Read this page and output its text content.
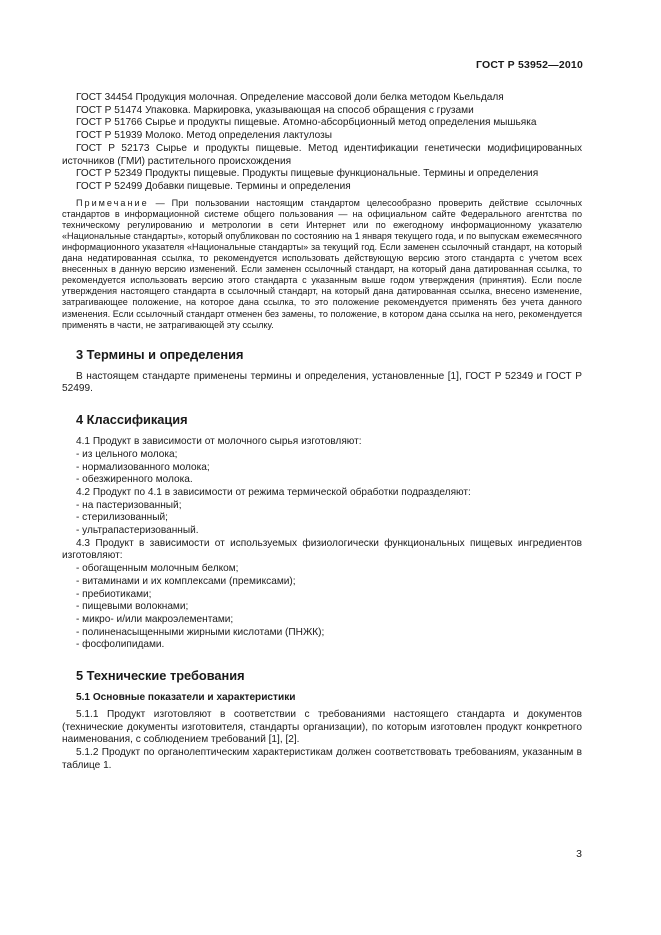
ГОСТ Р 53952—2010

ГОСТ 34454 Продукция молочная. Определение массовой доли белка методом Кьельдаля

ГОСТ Р 51474 Упаковка. Маркировка, указывающая на способ обращения с грузами

ГОСТ Р 51766 Сырье и продукты пищевые. Атомно-абсорбционный метод определения мышьяка

ГОСТ Р 51939 Молоко. Метод определения лактулозы

ГОСТ Р 52173 Сырье и продукты пищевые. Метод идентификации генетически модифицированных источников (ГМИ) растительного происхождения

ГОСТ Р 52349 Продукты пищевые. Продукты пищевые функциональные. Термины и определения

ГОСТ Р 52499 Добавки пищевые. Термины и определения

Примечание — При пользовании настоящим стандартом целесообразно проверить действие ссылочных стандартов в информационной системе общего пользования — на официальном сайте Федерального агентства по техническому регулированию и метрологии в сети Интернет или по ежегодному информационному указателю «Национальные стандарты», который опубликован по состоянию на 1 января текущего года, и по выпускам ежемесячного информационного указателя «Национальные стандарты» за текущий год. Если заменен ссылочный стандарт, на который дана недатированная ссылка, то рекомендуется использовать действующую версию этого стандарта с учетом всех внесенных в данную версию изменений. Если заменен ссылочный стандарт, на который дана датированная ссылка, то рекомендуется использовать версию этого стандарта с указанным выше годом утверждения (принятия). Если после утверждения настоящего стандарта в ссылочный стандарт, на который дана датированная ссылка, внесено изменение, затрагивающее положение, на которое дана ссылка, то это положение рекомендуется применять без учета данного изменения. Если ссылочный стандарт отменен без замены, то положение, в котором дана ссылка на него, рекомендуется применять в части, не затрагивающей эту ссылку.
3 Термины и определения

В настоящем стандарте применены термины и определения, установленные [1], ГОСТ Р 52349 и ГОСТ Р 52499.

4 Классификация

4.1 Продукт в зависимости от молочного сырья изготовляют:

- из цельного молока;

- нормализованного молока;

- обезжиренного молока.

4.2 Продукт по 4.1 в зависимости от режима термической обработки подразделяют:

- на пастеризованный;

- стерилизованный;

- ультрапастеризованный.

4.3 Продукт в зависимости от используемых физиологически функциональных пищевых ингредиентов изготовляют:

- обогащенным молочным белком;

- витаминами и их комплексами (премиксами);

- пребиотиками;

- пищевыми волокнами;

- микро- и/или макроэлементами;

- полиненасыщенными жирными кислотами (ПНЖК);

- фосфолипидами.

5 Технические требования
5.1 Основные показатели и характеристики

5.1.1 Продукт изготовляют в соответствии с требованиями настоящего стандарта и документов (технические документы изготовителя, стандарты организации), по которым изготовлен продукт конкретного наименования, с соблюдением требований [1], [2].

5.1.2 Продукт по органолептическим характеристикам должен соответствовать требованиям, указанным в таблице 1.

3
